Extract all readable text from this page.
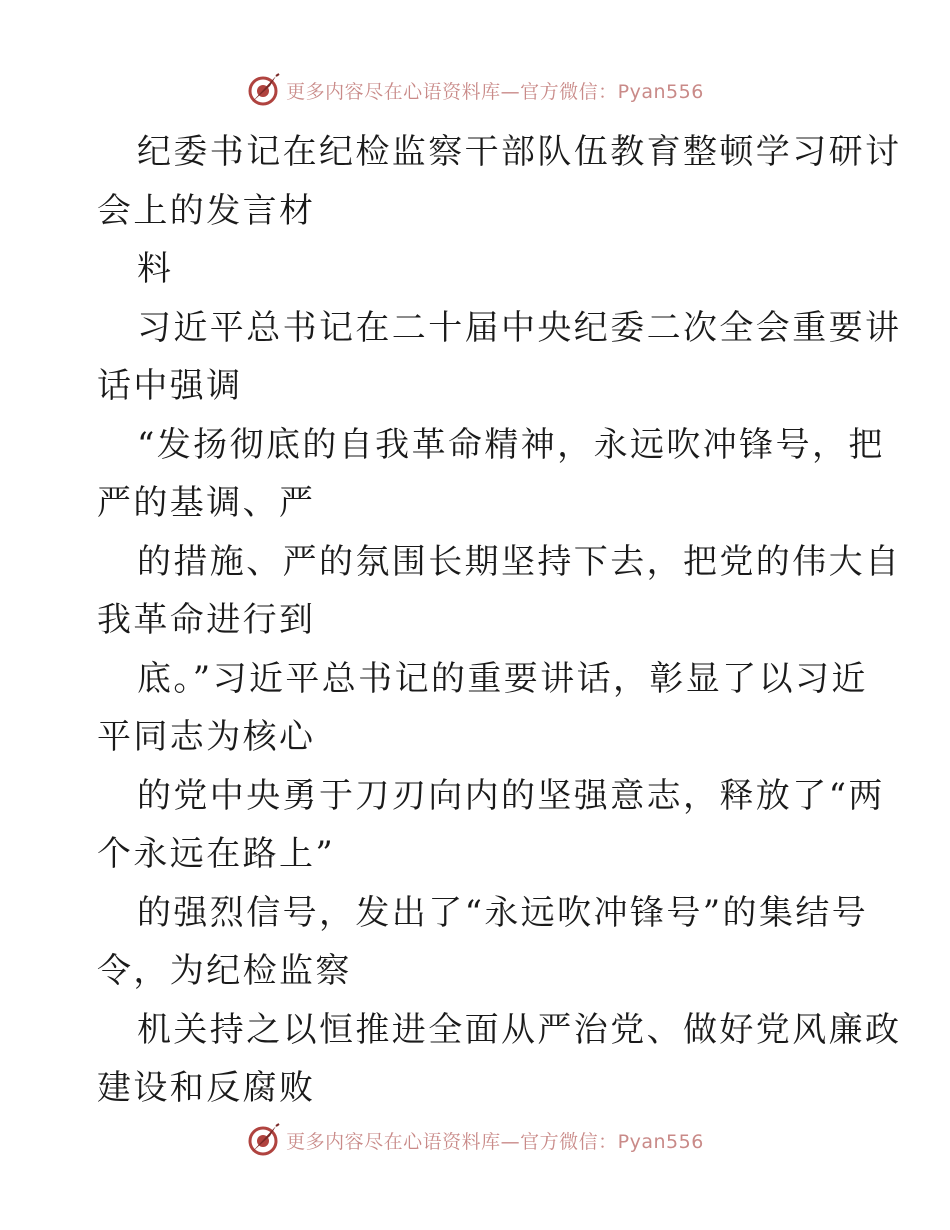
更多内容尽在心语资料库—官方微信：Pyan556
纪委书记在纪检监察干部队伍教育整顿学习研讨
会上的发言材
料
习近平总书记在二十届中央纪委二次全会重要讲
话中强调
“发扬彻底的自我革命精神，永远吹冲锋号，把
严的基调、严
的措施、严的氛围长期坚持下去，把党的伟大自
我革命进行到
底。”习近平总书记的重要讲话，彰显了以习近
平同志为核心
的党中央勇于刀刃向内的坚强意志，释放了“两
个永远在路上”
的强烈信号，发出了“永远吹冲锋号”的集结号
令，为纪检监察
机关持之以恒推进全面从严治党、做好党风廉政
建设和反腐败
更多内容尽在心语资料库—官方微信：Pyan556
